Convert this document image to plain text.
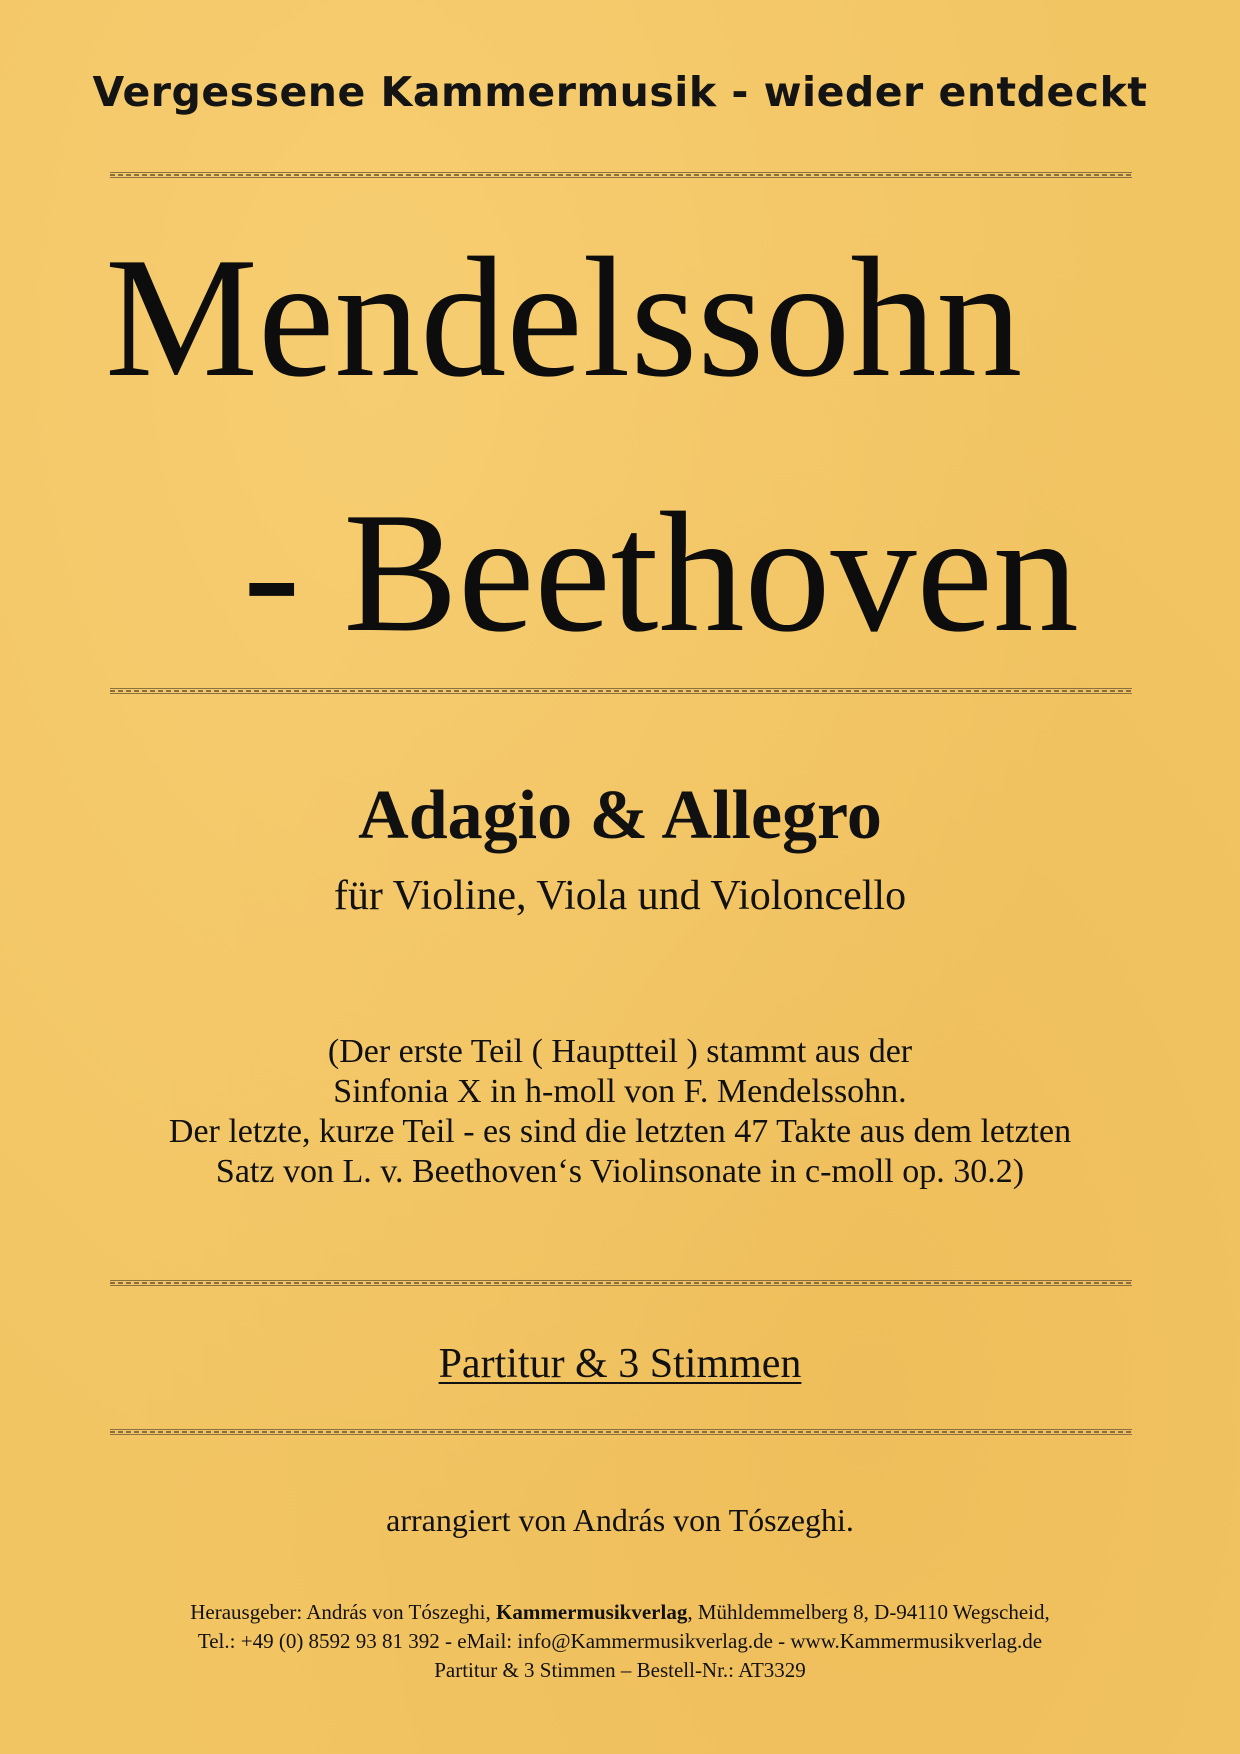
Vergessene Kammermusik - wieder entdeckt
Mendelssohn
- Beethoven
Adagio & Allegro
für Violine, Viola und Violoncello
(Der erste Teil ( Hauptteil ) stammt aus der
Sinfonia X in h-moll von F. Mendelssohn.
Der letzte, kurze Teil - es sind die letzten 47 Takte aus dem letzten
Satz von L. v. Beethoven‘s Violinsonate in c-moll op. 30.2)
Partitur & 3 Stimmen
arrangiert von András von Tószeghi.
Herausgeber: András von Tószeghi, Kammermusikverlag, Mühldemmelberg 8, D-94110 Wegscheid,
Tel.: +49 (0) 8592 93 81 392 - eMail: info@Kammermusikverlag.de - www.Kammermusikverlag.de
Partitur & 3 Stimmen – Bestell-Nr.: AT3329
